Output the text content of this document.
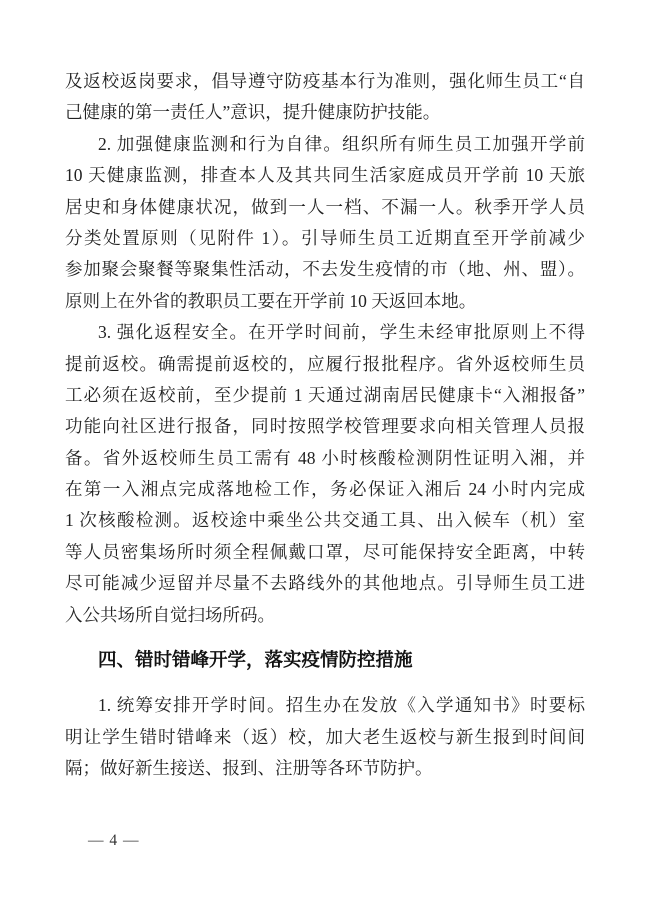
及返校返岗要求，倡导遵守防疫基本行为准则，强化师生员工“自
己健康的第一责任人”意识，提升健康防护技能。
2. 加强健康监测和行为自律。组织所有师生员工加强开学前
10 天健康监测，排查本人及其共同生活家庭成员开学前 10 天旅
居史和身体健康状况，做到一人一档、不漏一人。秋季开学人员
分类处置原则（见附件 1）。引导师生员工近期直至开学前减少
参加聚会聚餐等聚集性活动，不去发生疫情的市（地、州、盟）。
原则上在外省的教职员工要在开学前 10 天返回本地。
3. 强化返程安全。在开学时间前，学生未经审批原则上不得
提前返校。确需提前返校的，应履行报批程序。省外返校师生员
工必须在返校前，至少提前 1 天通过湖南居民健康卡“入湘报备”
功能向社区进行报备，同时按照学校管理要求向相关管理人员报
备。省外返校师生员工需有 48 小时核酸检测阴性证明入湘，并
在第一入湘点完成落地检工作，务必保证入湘后 24 小时内完成
1 次核酸检测。返校途中乘坐公共交通工具、出入候车（机）室
等人员密集场所时须全程佩戴口罩，尽可能保持安全距离，中转
尽可能减少逗留并尽量不去路线外的其他地点。引导师生员工进
入公共场所自觉扫场所码。
四、错时错峰开学，落实疫情防控措施
1. 统筹安排开学时间。招生办在发放《入学通知书》时要标
明让学生错时错峰来（返）校，加大老生返校与新生报到时间间
隔；做好新生接送、报到、注册等各环节防护。
— 4 —
